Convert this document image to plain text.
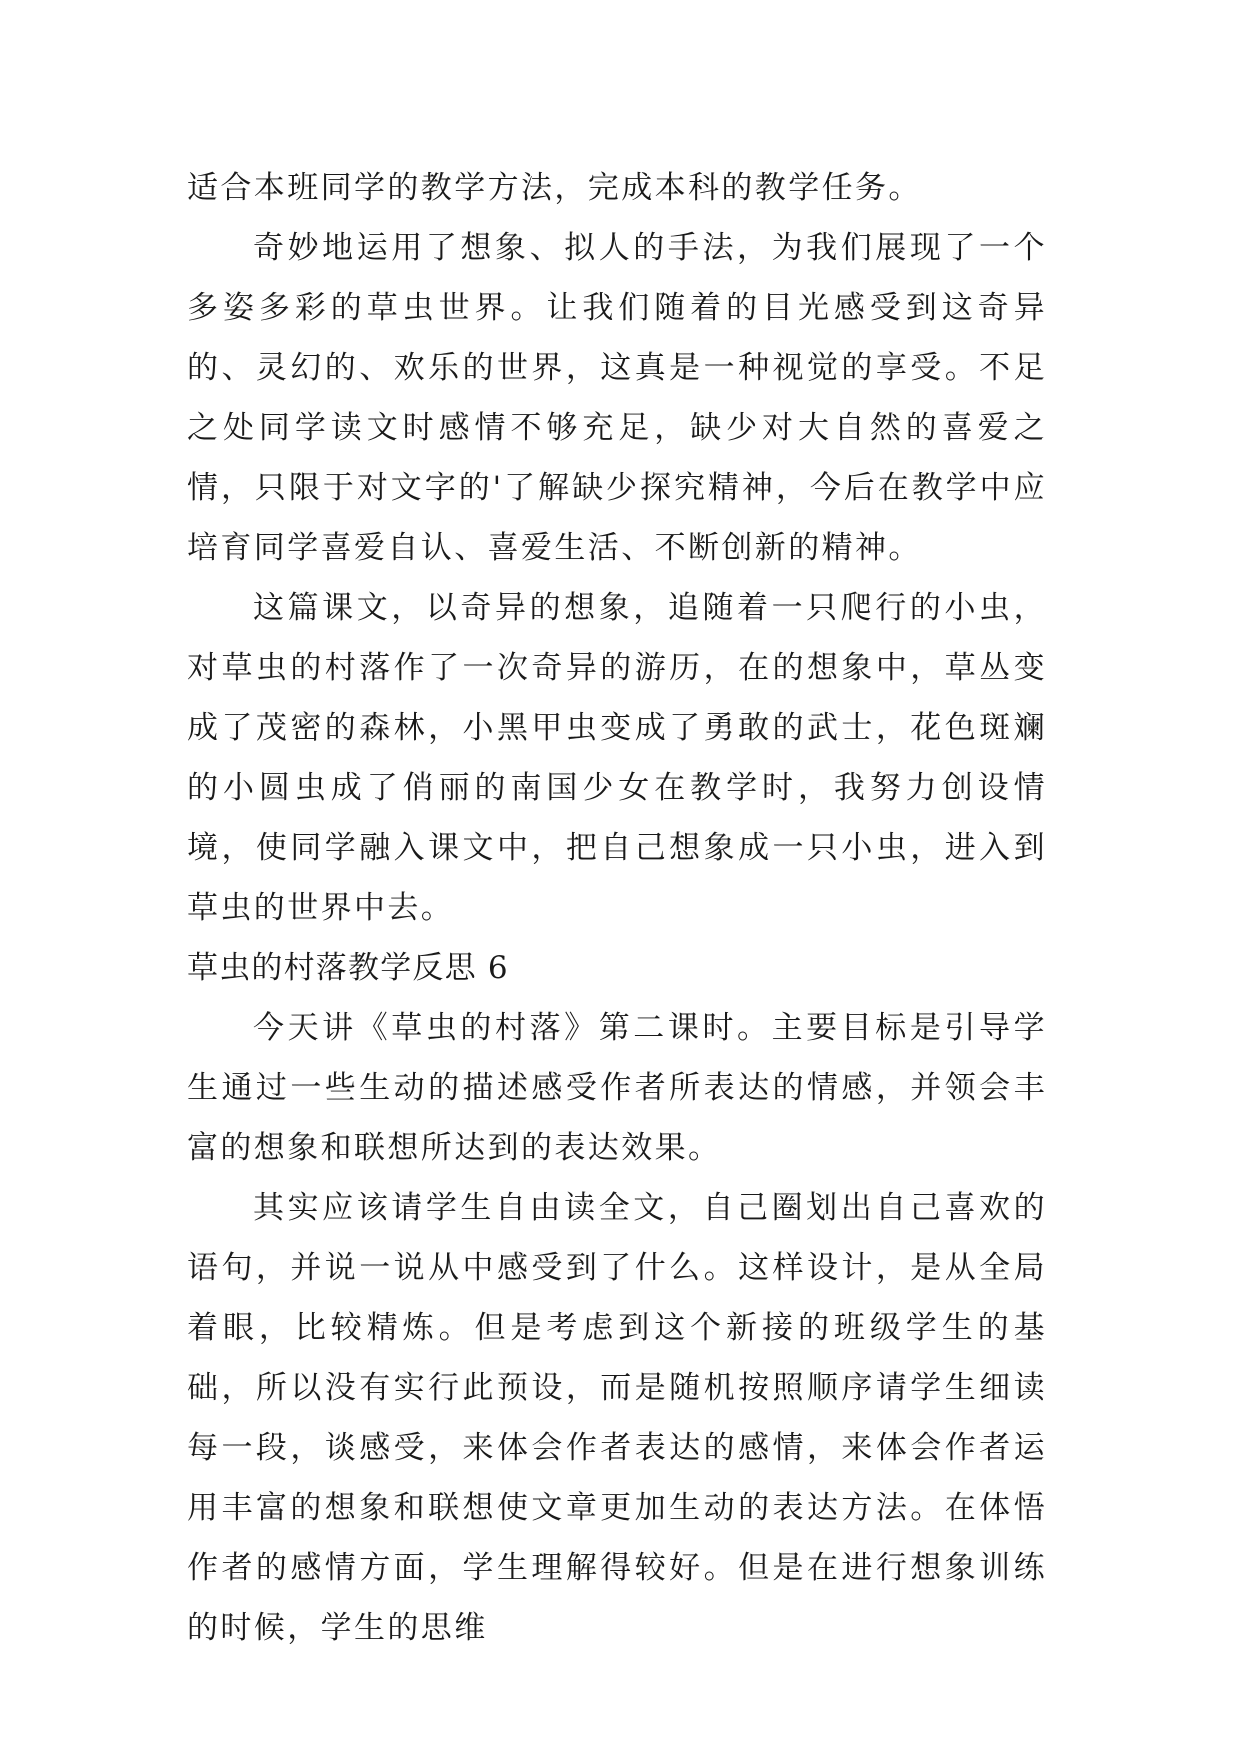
适合本班同学的教学方法，完成本科的教学任务。

奇妙地运用了想象、拟人的手法，为我们展现了一个多姿多彩的草虫世界。让我们随着的目光感受到这奇异的、灵幻的、欢乐的世界，这真是一种视觉的享受。不足之处同学读文时感情不够充足，缺少对大自然的喜爱之情，只限于对文字的'了解缺少探究精神，今后在教学中应培育同学喜爱自认、喜爱生活、不断创新的精神。

这篇课文，以奇异的想象，追随着一只爬行的小虫，对草虫的村落作了一次奇异的游历，在的想象中，草丛变成了茂密的森林，小黑甲虫变成了勇敢的武士，花色斑斓的小圆虫成了俏丽的南国少女在教学时，我努力创设情境，使同学融入课文中，把自己想象成一只小虫，进入到草虫的世界中去。

草虫的村落教学反思 6

今天讲《草虫的村落》第二课时。主要目标是引导学生通过一些生动的描述感受作者所表达的情感，并领会丰富的想象和联想所达到的表达效果。

其实应该请学生自由读全文，自己圈划出自己喜欢的语句，并说一说从中感受到了什么。这样设计，是从全局着眼，比较精炼。但是考虑到这个新接的班级学生的基础，所以没有实行此预设，而是随机按照顺序请学生细读每一段，谈感受，来体会作者表达的感情，来体会作者运用丰富的想象和联想使文章更加生动的表达方法。在体悟作者的感情方面，学生理解得较好。但是在进行想象训练的时候，学生的思维
